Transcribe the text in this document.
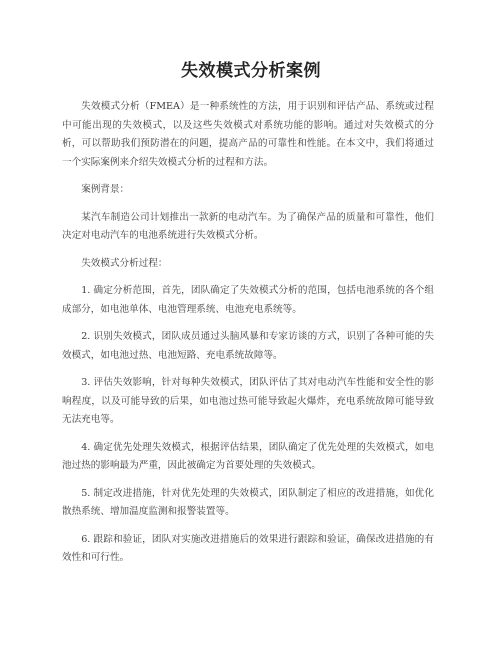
失效模式分析案例

失效模式分析（FMEA）是一种系统性的方法，用于识别和评估产品、系统或过程中可能出现的失效模式，以及这些失效模式对系统功能的影响。通过对失效模式的分析，可以帮助我们预防潜在的问题，提高产品的可靠性和性能。在本文中，我们将通过一个实际案例来介绍失效模式分析的过程和方法。

案例背景：

某汽车制造公司计划推出一款新的电动汽车。为了确保产品的质量和可靠性，他们决定对电动汽车的电池系统进行失效模式分析。

失效模式分析过程：

1. 确定分析范围，首先，团队确定了失效模式分析的范围，包括电池系统的各个组成部分，如电池单体、电池管理系统、电池充电系统等。

2. 识别失效模式，团队成员通过头脑风暴和专家访谈的方式，识别了各种可能的失效模式，如电池过热、电池短路、充电系统故障等。

3. 评估失效影响，针对每种失效模式，团队评估了其对电动汽车性能和安全性的影响程度，以及可能导致的后果，如电池过热可能导致起火爆炸，充电系统故障可能导致无法充电等。

4. 确定优先处理失效模式，根据评估结果，团队确定了优先处理的失效模式，如电池过热的影响最为严重，因此被确定为首要处理的失效模式。

5. 制定改进措施，针对优先处理的失效模式，团队制定了相应的改进措施，如优化散热系统、增加温度监测和报警装置等。

6. 跟踪和验证，团队对实施改进措施后的效果进行跟踪和验证，确保改进措施的有效性和可行性。
